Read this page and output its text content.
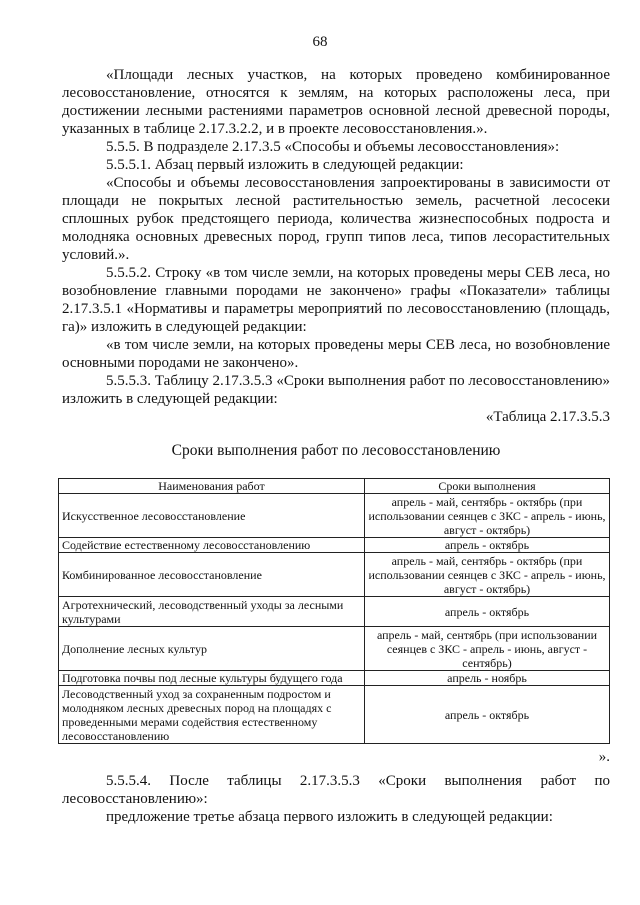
68

«Площади лесных участков, на которых проведено комбинированное лесовосстановление, относятся к землям, на которых расположены леса, при достижении лесными растениями параметров основной лесной древесной породы, указанных в таблице 2.17.3.2.2, и в проекте лесовосстановления.».

5.5.5. В подразделе 2.17.3.5 «Способы и объемы лесовосстановления»:

5.5.5.1. Абзац первый изложить в следующей редакции:

«Способы и объемы лесовосстановления запроектированы в зависимости от площади не покрытых лесной растительностью земель, расчетной лесосеки сплошных рубок предстоящего периода, количества жизнеспособных подроста и молодняка основных древесных пород, групп типов леса, типов лесорастительных условий.».

5.5.5.2. Строку «в том числе земли, на которых проведены меры СЕВ леса, но возобновление главными породами не закончено» графы «Показатели» таблицы 2.17.3.5.1 «Нормативы и параметры мероприятий по лесовосстановлению (площадь, га)» изложить в следующей редакции:

«в том числе земли, на которых проведены меры СЕВ леса, но возобновление основными породами не закончено».

5.5.5.3. Таблицу 2.17.3.5.3 «Сроки выполнения работ по лесовосстановлению» изложить в следующей редакции:

«Таблица 2.17.3.5.3

Сроки выполнения работ по лесовосстановлению

Наименования работ	Сроки выполнения
Искусственное лесовосстановление	апрель - май, сентябрь - октябрь (при использовании сеянцев с ЗКС - апрель - июнь, август - октябрь)
Содействие естественному лесовосстановлению	апрель - октябрь
Комбинированное лесовосстановление	апрель - май, сентябрь - октябрь (при использовании сеянцев с ЗКС - апрель - июнь, август - октябрь)
Агротехнический, лесоводственный уходы за лесными культурами	апрель - октябрь
Дополнение лесных культур	апрель - май, сентябрь (при использовании сеянцев с ЗКС - апрель - июнь, август - сентябрь)
Подготовка почвы под лесные культуры будущего года	апрель - ноябрь
Лесоводственный уход за сохраненным подростом и молодняком лесных древесных пород на площадях с проведенными мерами содействия естественному лесовосстановлению	апрель - октябрь

».

5.5.5.4. После таблицы 2.17.3.5.3 «Сроки выполнения работ по лесовосстановлению»:

предложение третье абзаца первого изложить в следующей редакции:
